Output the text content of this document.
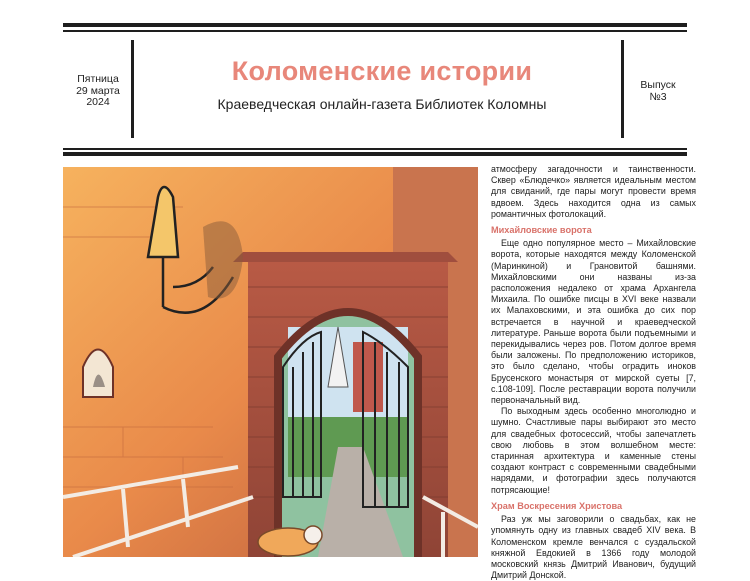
Пятница
29 марта
2024
Коломенские истории
Краеведческая онлайн-газета Библиотек Коломны
Выпуск
№3

атмосферу загадочности и таинственности. Сквер «Блюдечко» является идеальным местом для свиданий, где пары могут провести время вдвоем. Здесь находится одна из самых романтичных фотолокаций.

Михайловские ворота

Еще одно популярное место – Михайловские ворота, которые находятся между Коломенской (Маринкиной) и Грановитой башнями. Михайловскими они названы из-за расположения недалеко от храма Архангела Михаила. По ошибке писцы в XVI веке назвали их Малаховскими, и эта ошибка до сих пор встречается в научной и краеведческой литературе. Раньше ворота были подъемными и перекидывались через ров. Потом долгое время были заложены. По предположению историков, это было сделано, чтобы оградить иноков Брусенского монастыря от мирской суеты [7, с.108-109]. После реставрации ворота получили первоначальный вид.

По выходным здесь особенно многолюдно и шумно. Счастливые пары выбирают это место для свадебных фотосессий, чтобы запечатлеть свою любовь в этом волшебном месте: старинная архитектура и каменные стены создают контраст с современными свадебными нарядами, и фотографии здесь получаются потрясающие!

Храм Воскресения Христова

Раз уж мы заговорили о свадьбах, как не упомянуть одну из главных свадеб XIV века. В Коломенском кремле венчался с суздальской княжной Евдокией в 1366 году молодой московский князь Дмитрий Иванович, будущий Дмитрий Донской.
